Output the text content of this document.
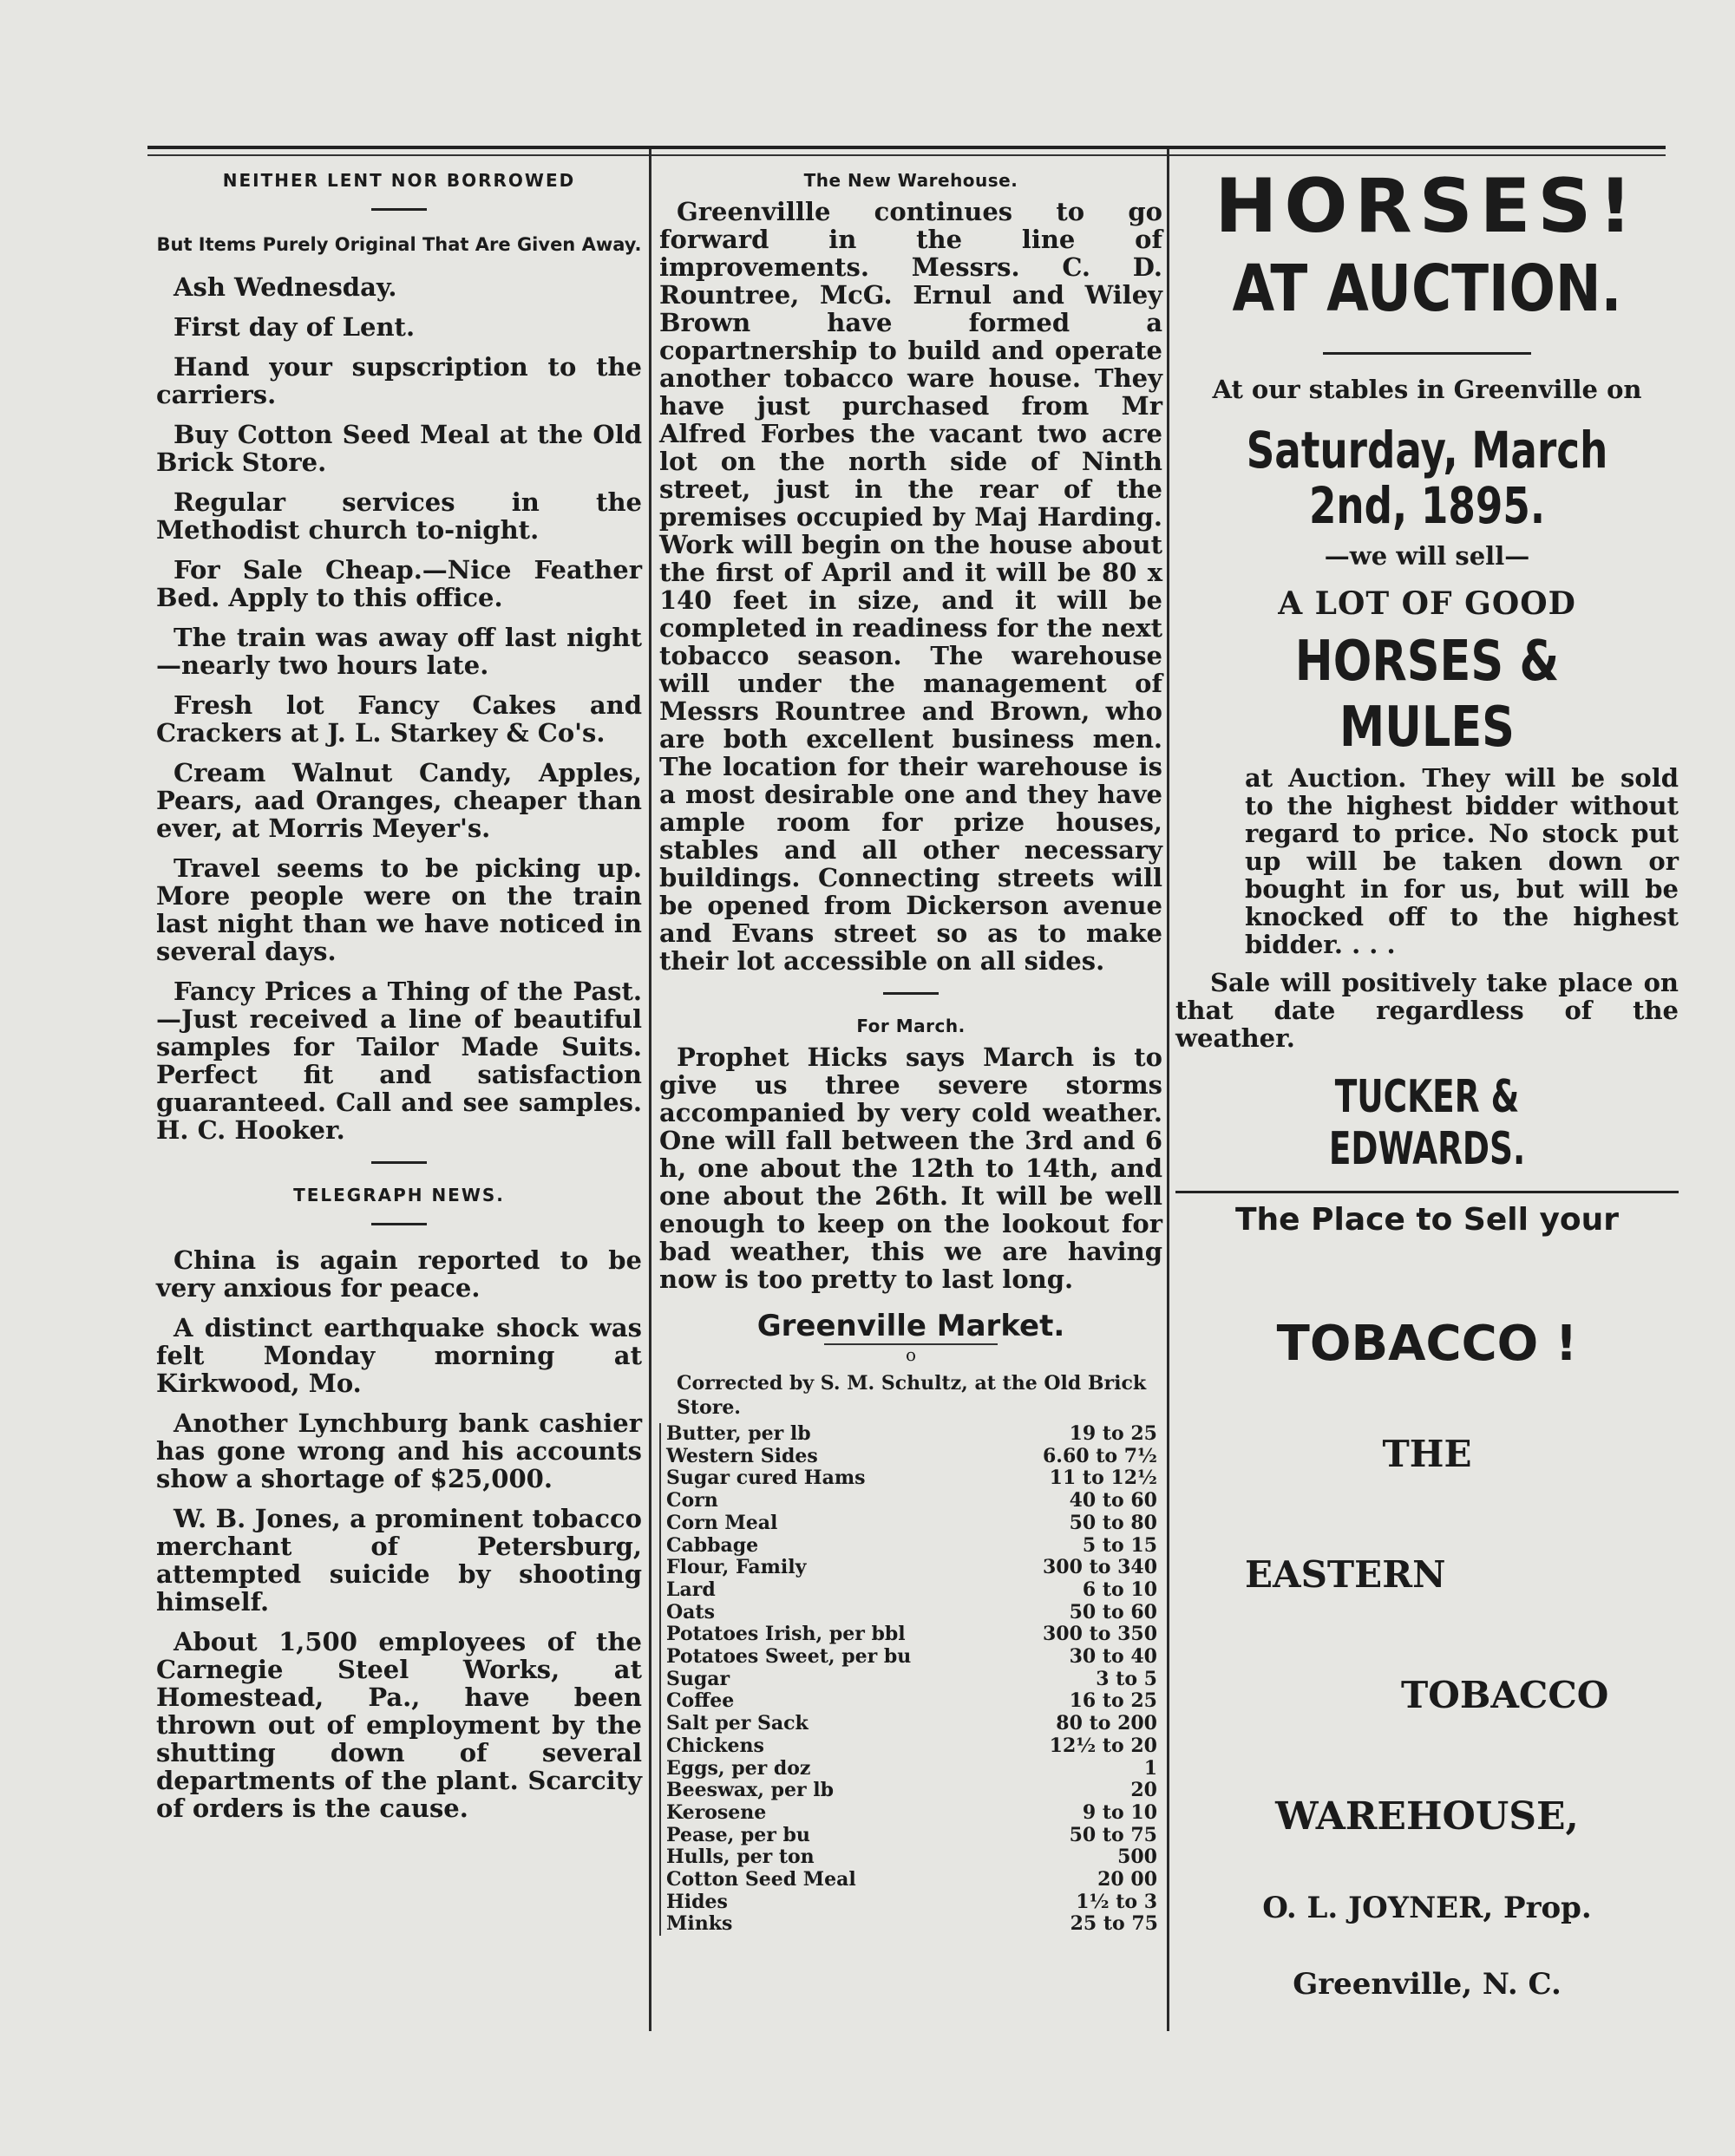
NEITHER LENT NOR BORROWED
But Items Purely Original That Are Given Away.

Ash Wednesday.

First day of Lent.

Hand your supscription to the carriers.

Buy Cotton Seed Meal at the Old Brick Store.

Regular services in the Methodist church to-night.

For Sale Cheap.—Nice Feather Bed. Apply to this office.

The train was away off last night—nearly two hours late.

Fresh lot Fancy Cakes and Crackers at J. L. Starkey & Co's.

Cream Walnut Candy, Apples, Pears, aad Oranges, cheaper than ever, at Morris Meyer's.

Travel seems to be picking up. More people were on the train last night than we have noticed in several days.

Fancy Prices a Thing of the Past.—Just received a line of beautiful samples for Tailor Made Suits. Perfect fit and satisfaction guaranteed. Call and see samples. H. C. Hooker.

TELEGRAPH NEWS.

China is again reported to be very anxious for peace.

A distinct earthquake shock was felt Monday morning at Kirkwood, Mo.

Another Lynchburg bank cashier has gone wrong and his accounts show a shortage of $25,000.

W. B. Jones, a prominent tobacco merchant of Petersburg, attempted suicide by shooting himself.

About 1,500 employees of the Carnegie Steel Works, at Homestead, Pa., have been thrown out of employment by the shutting down of several departments of the plant. Scarcity of orders is the cause.

The New Warehouse.

Greenvillle continues to go forward in the line of improvements. Messrs. C. D. Rountree, McG. Ernul and Wiley Brown have formed a copartnership to build and operate another tobacco ware house. They have just purchased from Mr Alfred Forbes the vacant two acre lot on the north side of Ninth street, just in the rear of the premises occupied by Maj Harding. Work will begin on the house about the first of April and it will be 80 x 140 feet in size, and it will be completed in readiness for the next tobacco season. The warehouse will under the management of Messrs Rountree and Brown, who are both excellent business men. The location for their warehouse is a most desirable one and they have ample room for prize houses, stables and all other necessary buildings. Connecting streets will be opened from Dickerson avenue and Evans street so as to make their lot accessible on all sides.

For March.

Prophet Hicks says March is to give us three severe storms accompanied by very cold weather. One will fall between the 3rd and 6 h, one about the 12th to 14th, and one about the 26th. It will be well enough to keep on the lookout for bad weather, this we are having now is too pretty to last long.

Greenville Market.
o
Corrected by S. M. Schultz, at the Old Brick Store.
Butter, per lb	19 to 25
Western Sides	6.60 to 7½
Sugar cured Hams	11 to 12½
Corn	40 to 60
Corn Meal	50 to 80
Cabbage	5 to 15
Flour, Family	300 to 340
Lard	6 to 10
Oats	50 to 60
Potatoes Irish, per bbl	300 to 350
Potatoes Sweet, per bu	30 to 40
Sugar	3 to 5
Coffee	16 to 25
Salt per Sack	80 to 200
Chickens	12½ to 20
Eggs, per doz	1
Beeswax, per lb	20
Kerosene	9 to 10
Pease, per bu	50 to 75
Hulls, per ton	500
Cotton Seed Meal	20 00
Hides	1½ to 3
Minks	25 to 75
HORSES!
AT AUCTION.
At our stables in Greenville on
Saturday, March 2nd, 1895.
—we will sell—
A LOT OF GOOD
HORSES & MULES
at Auction. They will be sold to the highest bidder without regard to price. No stock put up will be taken down or bought in for us, but will be knocked off to the highest bidder. . . .
Sale will positively take place on that date regardless of the weather.
TUCKER & EDWARDS.
The Place to Sell your
TOBACCO !
THE
EASTERN
TOBACCO
WAREHOUSE,
O. L. JOYNER, Prop.
Greenville, N. C.
